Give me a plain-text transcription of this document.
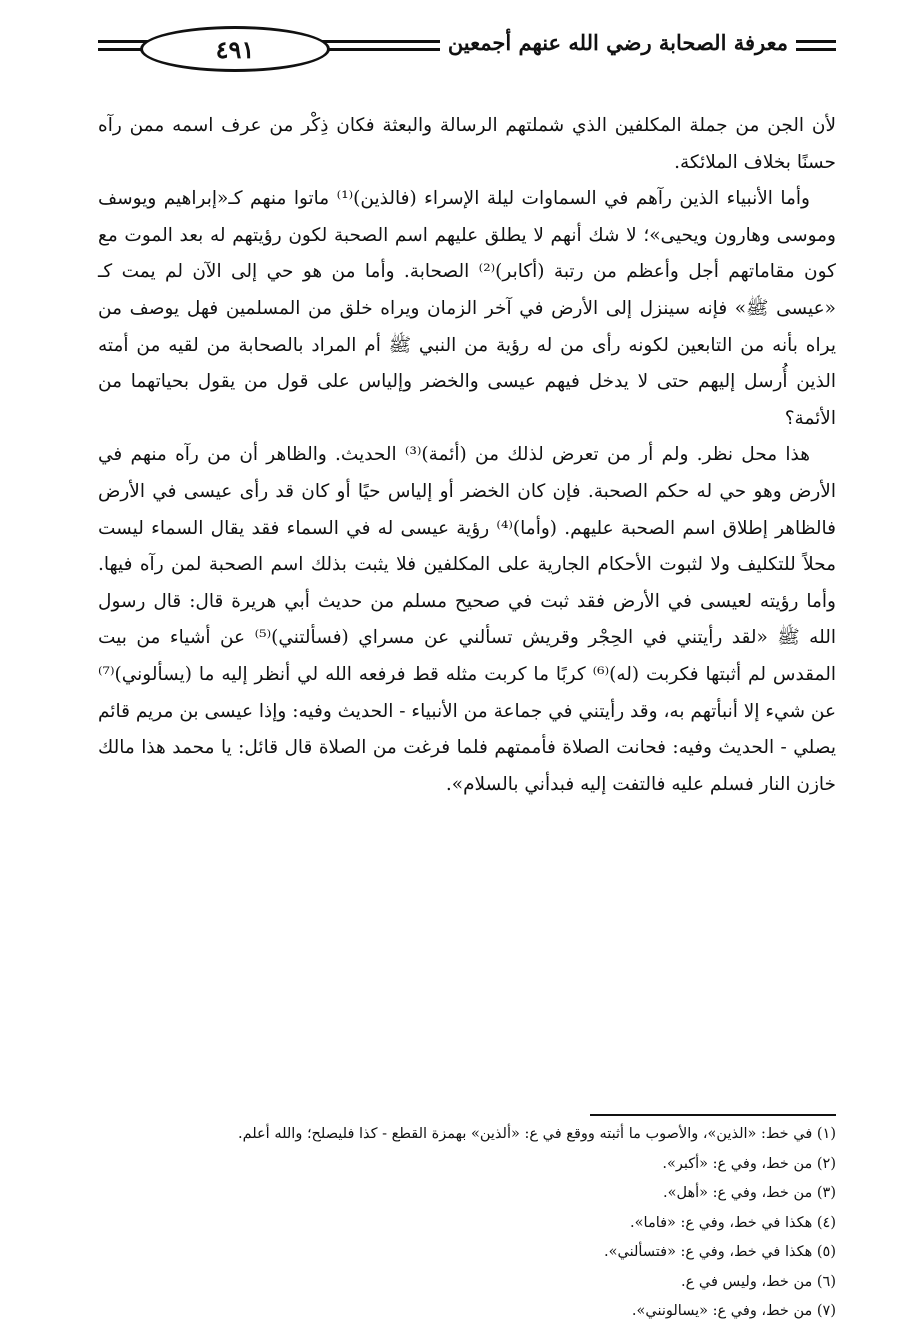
٤٩١	معرفة الصحابة رضي الله عنهم أجمعين

لأن الجن من جملة المكلفين الذي شملتهم الرسالة والبعثة فكان ذِكْر من عرف اسمه ممن رآه حسنًا بخلاف الملائكة.

وأما الأنبياء الذين رآهم في السماوات ليلة الإسراء (فالذين)⁽¹⁾ ماتوا منهم كـ«إبراهيم ويوسف وموسى وهارون ويحيى»؛ لا شك أنهم لا يطلق عليهم اسم الصحبة لكون رؤيتهم له بعد الموت مع كون مقاماتهم أجل وأعظم من رتبة (أكابر)⁽²⁾ الصحابة. وأما من هو حي إلى الآن لم يمت كـ «عيسى ﷺ» فإنه سينزل إلى الأرض في آخر الزمان ويراه خلق من المسلمين فهل يوصف من يراه بأنه من التابعين لكونه رأى من له رؤية من النبي ﷺ أم المراد بالصحابة من لقيه من أمته الذين أُرسل إليهم حتى لا يدخل فيهم عيسى والخضر وإلياس على قول من يقول بحياتهما من الأئمة؟

هذا محل نظر. ولم أر من تعرض لذلك من (أئمة)⁽³⁾ الحديث. والظاهر أن من رآه منهم في الأرض وهو حي له حكم الصحبة. فإن كان الخضر أو إلياس حيًا أو كان قد رأى عيسى في الأرض فالظاهر إطلاق اسم الصحبة عليهم. (وأما)⁽⁴⁾ رؤية عيسى له في السماء فقد يقال السماء ليست محلاً للتكليف ولا لثبوت الأحكام الجارية على المكلفين فلا يثبت بذلك اسم الصحبة لمن رآه فيها. وأما رؤيته لعيسى في الأرض فقد ثبت في صحيح مسلم من حديث أبي هريرة قال: قال رسول الله ﷺ «لقد رأيتني في الحِجْر وقريش تسألني عن مسراي (فسألتني)⁽⁵⁾ عن أشياء من بيت المقدس لم أثبتها فكربت (له)⁽⁶⁾ كربًا ما كربت مثله قط فرفعه الله لي أنظر إليه ما (يسألوني)⁽⁷⁾ عن شيء إلا أنبأتهم به، وقد رأيتني في جماعة من الأنبياء - الحديث وفيه: وإذا عيسى بن مريم قائم يصلي - الحديث وفيه: فحانت الصلاة فأممتهم فلما فرغت من الصلاة قال قائل: يا محمد هذا مالك خازن النار فسلم عليه فالتفت إليه فبدأني بالسلام».

(١) في خط: «الذين»، والأصوب ما أثبته ووقع في ع: «ألذين» بهمزة القطع - كذا فليصلح؛ والله أعلم.
(٢) من خط، وفي ع: «أكبر».
(٣) من خط، وفي ع: «أهل».
(٤) هكذا في خط، وفي ع: «فاما».
(٥) هكذا في خط، وفي ع: «فتسألني».
(٦) من خط، وليس في ع.
(٧) من خط، وفي ع: «يسالونني».
